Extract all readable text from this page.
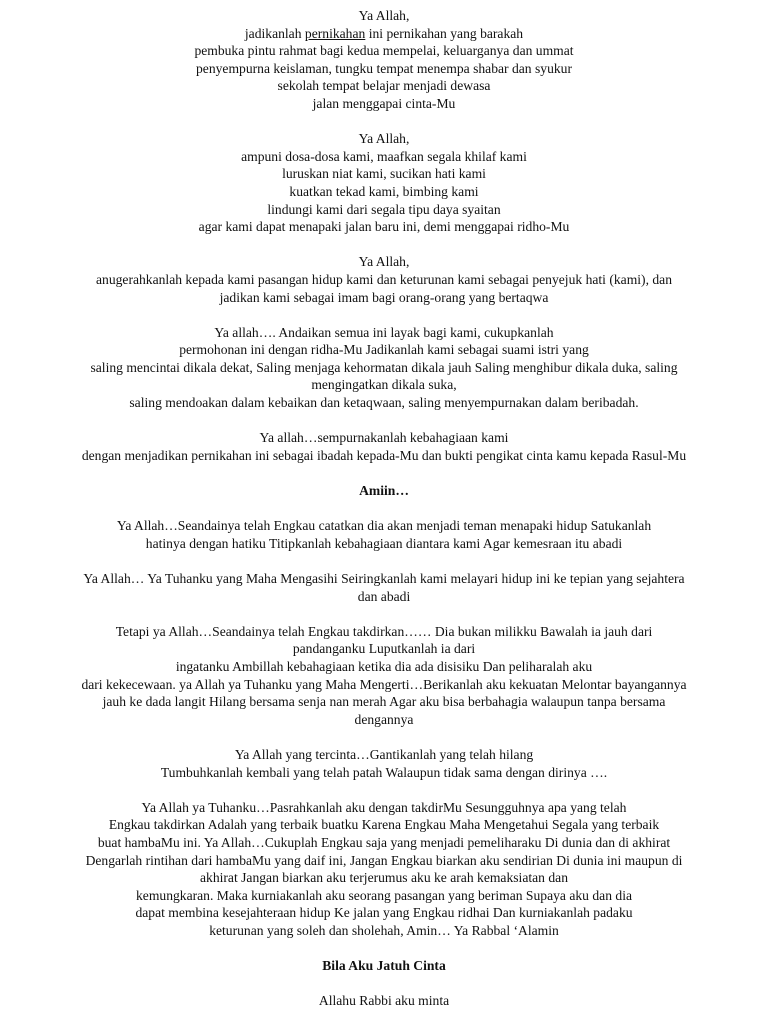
Ya Allah,
jadikanlah pernikahan ini pernikahan yang barakah
pembuka pintu rahmat bagi kedua mempelai, keluarganya dan ummat
penyempurna keislaman, tungku tempat menempa shabar dan syukur
sekolah tempat belajar menjadi dewasa
jalan menggapai cinta-Mu

Ya Allah,
ampuni dosa-dosa kami, maafkan segala khilaf kami
luruskan niat kami, sucikan hati kami
kuatkan tekad kami, bimbing kami
lindungi kami dari segala tipu daya syaitan
agar kami dapat menapaki jalan baru ini, demi menggapai ridho-Mu

Ya Allah,
anugerahkanlah kepada kami pasangan hidup kami dan keturunan kami sebagai penyejuk hati (kami), dan
jadikan kami sebagai imam bagi orang-orang yang bertaqwa

Ya allah…. Andaikan semua ini layak bagi kami, cukupkanlah
permohonan ini dengan ridha-Mu Jadikanlah kami sebagai suami istri yang
saling mencintai dikala dekat, Saling menjaga kehormatan dikala jauh Saling menghibur dikala duka, saling
mengingatkan dikala suka,
saling mendoakan dalam kebaikan dan ketaqwaan, saling menyempurnakan dalam beribadah.

Ya allah…sempurnakanlah kebahagiaan kami
dengan menjadikan pernikahan ini sebagai ibadah kepada-Mu dan bukti pengikat cinta kamu kepada Rasul-Mu

Amiin…

Ya Allah…Seandainya telah Engkau catatkan dia akan menjadi teman menapaki hidup Satukanlah
hatinya dengan hatiku Titipkanlah kebahagiaan diantara kami Agar kemesraan itu abadi

Ya Allah… Ya Tuhanku yang Maha Mengasihi Seiringkanlah kami melayari hidup ini ke tepian yang sejahtera
dan abadi

Tetapi ya Allah…Seandainya telah Engkau takdirkan…… Dia bukan milikku Bawalah ia jauh dari
pandanganku Luputkanlah ia dari
ingatanku Ambillah kebahagiaan ketika dia ada disisiku Dan peliharalah aku
dari kekecewaan. ya Allah ya Tuhanku yang Maha Mengerti…Berikanlah aku kekuatan Melontar bayangannya
jauh ke dada langit Hilang bersama senja nan merah Agar aku bisa berbahagia walaupun tanpa bersama
dengannya

Ya Allah yang tercinta…Gantikanlah yang telah hilang
Tumbuhkanlah kembali yang telah patah Walaupun tidak sama dengan dirinya ….

Ya Allah ya Tuhanku…Pasrahkanlah aku dengan takdirMu Sesungguhnya apa yang telah
Engkau takdirkan Adalah yang terbaik buatku Karena Engkau Maha Mengetahui Segala yang terbaik
buat hambaMu ini. Ya Allah…Cukuplah Engkau saja yang menjadi pemeliharaku Di dunia dan di akhirat
Dengarlah rintihan dari hambaMu yang daif ini, Jangan Engkau biarkan aku sendirian Di dunia ini maupun di
akhirat Jangan biarkan aku terjerumus aku ke arah kemaksiatan dan
kemungkaran. Maka kurniakanlah aku seorang pasangan yang beriman Supaya aku dan dia
dapat membina kesejahteraan hidup Ke jalan yang Engkau ridhai Dan kurniakanlah padaku
keturunan yang soleh dan sholehah, Amin… Ya Rabbal ‘Alamin

Bila Aku Jatuh Cinta

Allahu Rabbi aku minta
